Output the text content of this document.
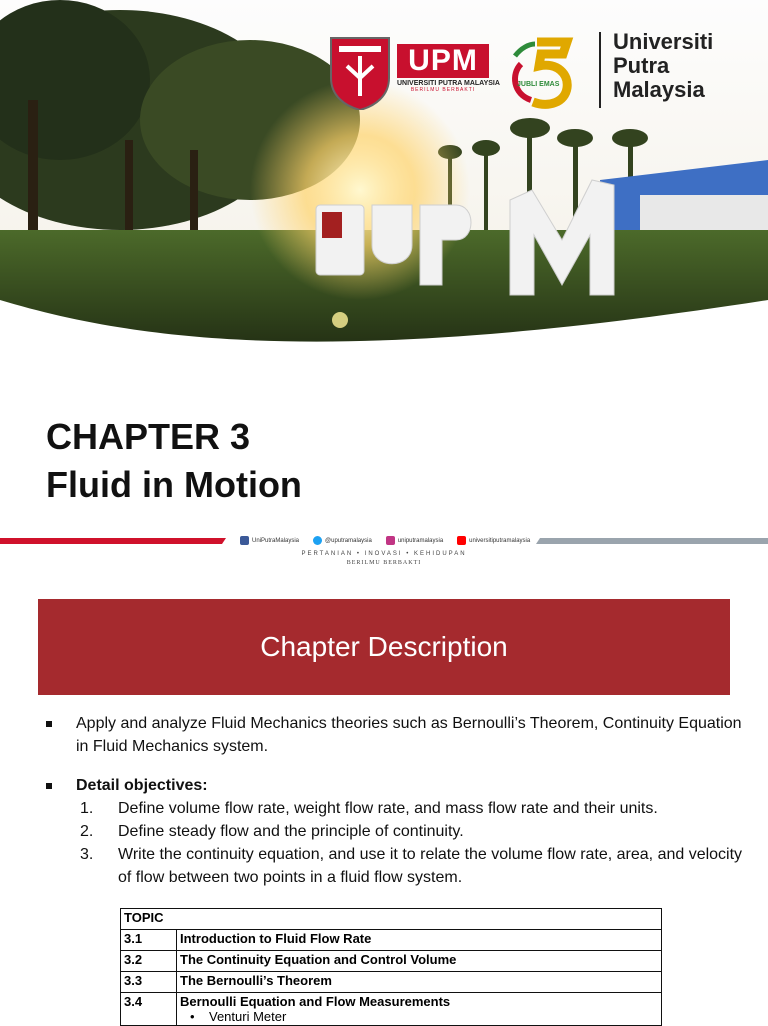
UPM
UNIVERSITI PUTRA MALAYSIA
BERILMU BERBAKTI
JUBLI EMAS
Universiti
Putra
Malaysia
CHAPTER 3
Fluid in Motion
UniPutraMalaysia	@uputramalaysia	uniputramalaysia	universitiputramalaysia
PERTANIAN • INOVASI • KEHIDUPAN
BERILMU BERBAKTI
Chapter Description
Apply and analyze Fluid Mechanics theories such as Bernoulli’s Theorem, Continuity Equation in Fluid Mechanics system.
Detail objectives:
1. Define volume flow rate, weight flow rate, and mass flow rate and their units.
2. Define steady flow and the principle of continuity.
3. Write the continuity equation, and use it to relate the volume flow rate, area, and velocity of flow between two points in a fluid flow system.
TOPIC	
3.1	Introduction to Fluid Flow Rate
3.2	The Continuity Equation and Control Volume
3.3	The Bernoulli’s Theorem
3.4	Bernoulli Equation and Flow Measurements
•    Venturi Meter
